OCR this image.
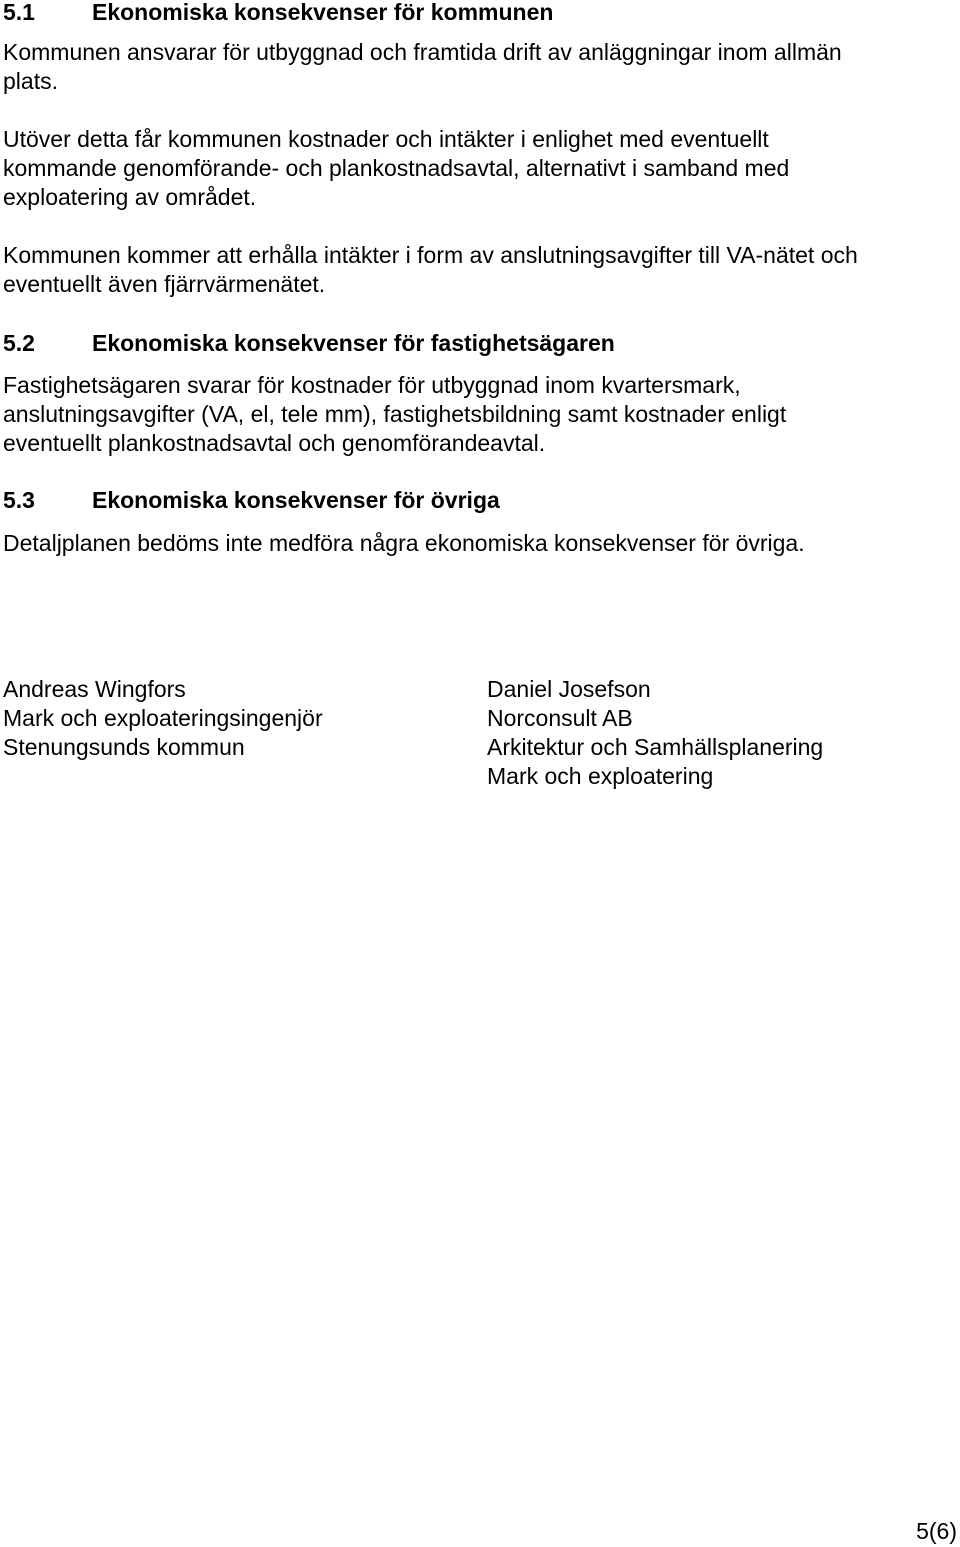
5.1 Ekonomiska konsekvenser för kommunen
Kommunen ansvarar för utbyggnad och framtida drift av anläggningar inom allmän
plats.
Utöver detta får kommunen kostnader och intäkter i enlighet med eventuellt
kommande genomförande- och plankostnadsavtal, alternativt i samband med
exploatering av området.
Kommunen kommer att erhålla intäkter i form av anslutningsavgifter till VA-nätet och
eventuellt även fjärrvärmenätet.
5.2 Ekonomiska konsekvenser för fastighetsägaren
Fastighetsägaren svarar för kostnader för utbyggnad inom kvartersmark,
anslutningsavgifter (VA, el, tele mm), fastighetsbildning samt kostnader enligt
eventuellt plankostnadsavtal och genomförandeavtal.
5.3 Ekonomiska konsekvenser för övriga
Detaljplanen bedöms inte medföra några ekonomiska konsekvenser för övriga.
Andreas Wingfors
Mark och exploateringsingenjör
Stenungsunds kommun
Daniel Josefson
Norconsult AB
Arkitektur och Samhällsplanering
Mark och exploatering
5(6)
